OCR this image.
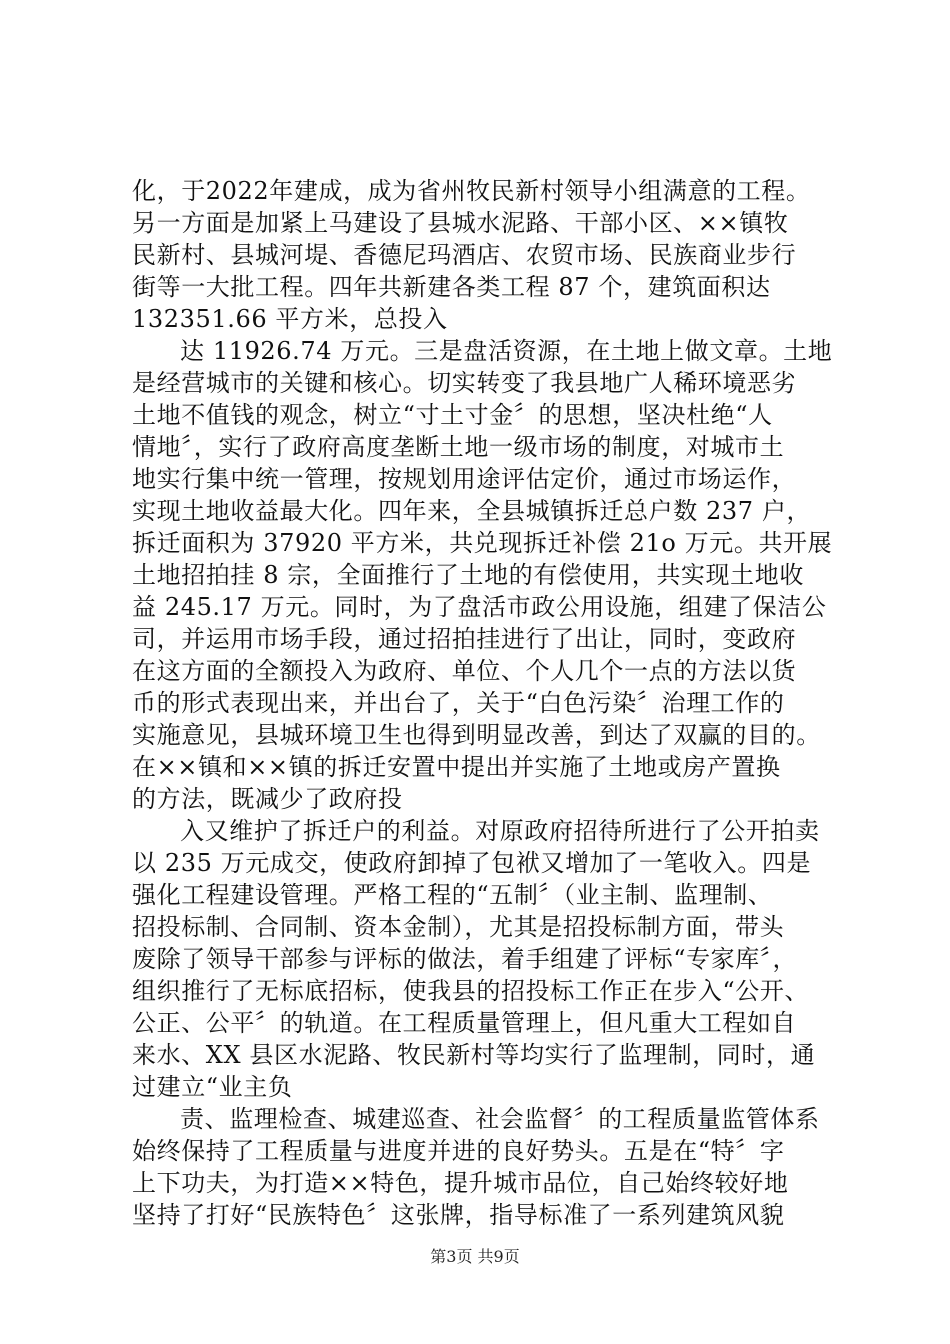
化，于2022年建成，成为省州牧民新村领导小组满意的工程。
另一方面是加紧上马建设了县城水泥路、干部小区、××镇牧
民新村、县城河堤、香德尼玛酒店、农贸市场、民族商业步行
街等一大批工程。四年共新建各类工程 87 个，建筑面积达
132351.66 平方米，总投入
达 11926.74 万元。三是盘活资源，在土地上做文章。土地
是经营城市的关键和核心。切实转变了我县地广人稀环境恶劣
土地不值钱的观念，树立“寸土寸金〞的思想，坚决杜绝“人
情地〞，实行了政府高度垄断土地一级市场的制度，对城市土
地实行集中统一管理，按规划用途评估定价，通过市场运作，
实现土地收益最大化。四年来，全县城镇拆迁总户数 237 户，
拆迁面积为 37920 平方米，共兑现拆迁补偿 21o 万元。共开展
土地招拍挂 8 宗，全面推行了土地的有偿使用，共实现土地收
益 245.17 万元。同时，为了盘活市政公用设施，组建了保洁公
司，并运用市场手段，通过招拍挂进行了出让，同时，变政府
在这方面的全额投入为政府、单位、个人几个一点的方法以货
币的形式表现出来，并出台了，关于“白色污染〞治理工作的
实施意见，县城环境卫生也得到明显改善，到达了双赢的目的。
在××镇和××镇的拆迁安置中提出并实施了土地或房产置换
的方法，既减少了政府投
入又维护了拆迁户的利益。对原政府招待所进行了公开拍卖
以 235 万元成交，使政府卸掉了包袱又增加了一笔收入。四是
强化工程建设管理。严格工程的“五制〞（业主制、监理制、
招投标制、合同制、资本金制），尤其是招投标制方面，带头
废除了领导干部参与评标的做法，着手组建了评标“专家库〞，
组织推行了无标底招标，使我县的招投标工作正在步入“公开、
公正、公平〞的轨道。在工程质量管理上，但凡重大工程如自
来水、XX 县区水泥路、牧民新村等均实行了监理制，同时，通
过建立“业主负
责、监理检查、城建巡查、社会监督〞的工程质量监管体系
始终保持了工程质量与进度并进的良好势头。五是在“特〞字
上下功夫，为打造××特色，提升城市品位，自己始终较好地
坚持了打好“民族特色〞这张牌，指导标准了一系列建筑风貌
第3页 共9页
